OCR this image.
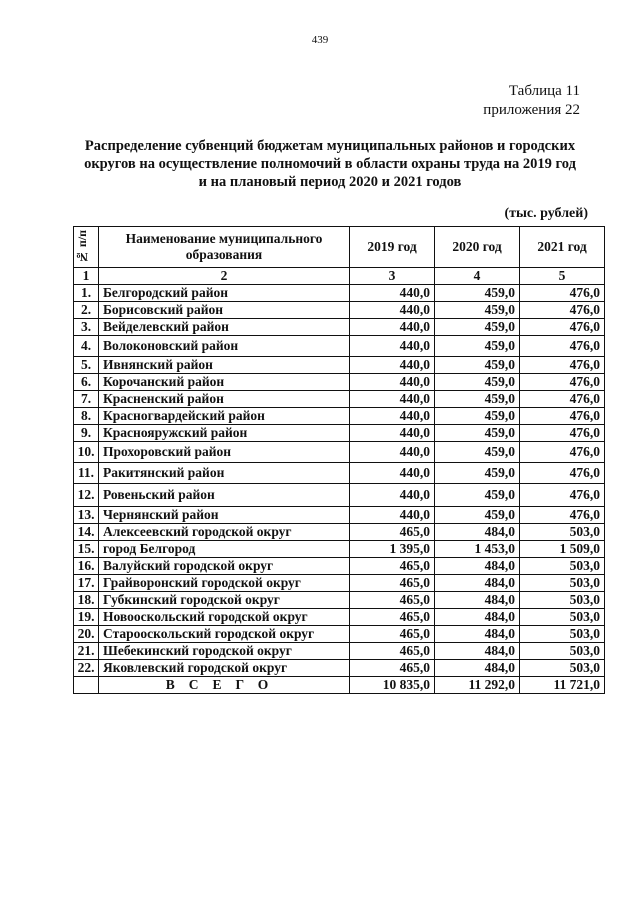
439
Таблица 11
приложения 22
Распределение субвенций бюджетам муниципальных районов и городских
округов на осуществление полномочий в области охраны труда на 2019 год
и на плановый период 2020 и 2021 годов
(тыс. рублей)
№ п/п	Наименование муниципального образования	2019 год	2020 год	2021 год
1	2	3	4	5
1.	Белгородский район	440,0	459,0	476,0
2.	Борисовский район	440,0	459,0	476,0
3.	Вейделевский район	440,0	459,0	476,0
4.	Волоконовский район	440,0	459,0	476,0
5.	Ивнянский район	440,0	459,0	476,0
6.	Корочанский район	440,0	459,0	476,0
7.	Красненский район	440,0	459,0	476,0
8.	Красногвардейский район	440,0	459,0	476,0
9.	Краснояружский район	440,0	459,0	476,0
10.	Прохоровский район	440,0	459,0	476,0
11.	Ракитянский район	440,0	459,0	476,0
12.	Ровеньский район	440,0	459,0	476,0
13.	Чернянский район	440,0	459,0	476,0
14.	Алексеевский городской округ	465,0	484,0	503,0
15.	город Белгород	1 395,0	1 453,0	1 509,0
16.	Валуйский городской округ	465,0	484,0	503,0
17.	Грайворонский городской округ	465,0	484,0	503,0
18.	Губкинский городской округ	465,0	484,0	503,0
19.	Новооскольский городской округ	465,0	484,0	503,0
20.	Старооскольский городской округ	465,0	484,0	503,0
21.	Шебекинский городской округ	465,0	484,0	503,0
22.	Яковлевский городской округ	465,0	484,0	503,0
	ВСЕГО	10 835,0	11 292,0	11 721,0
